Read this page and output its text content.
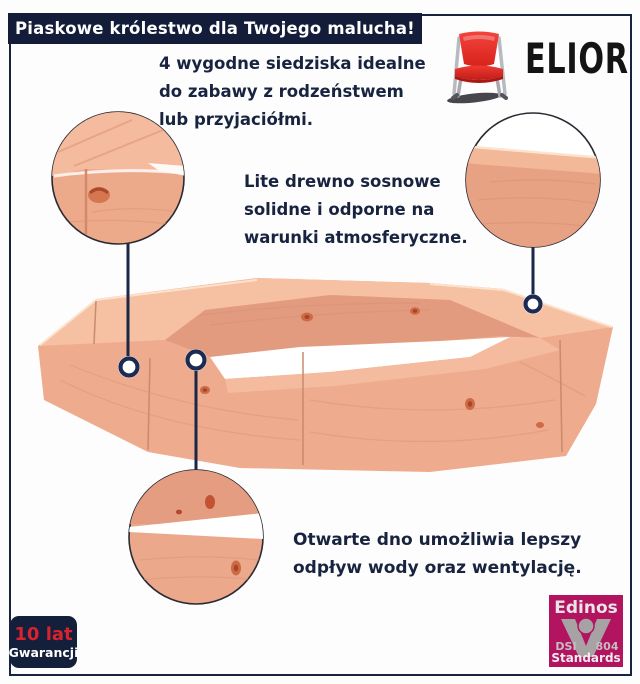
Piaskowe królestwo dla Twojego malucha!
4 wygodne siedziska idealne
do zabawy z rodzeństwem
lub przyjaciółmi.
Lite drewno sosnowe
solidne i odporne na
warunki atmosferyczne.
Otwarte dno umożliwia lepszy
odpływ wody oraz wentylację.
ELIOR
10 lat
Gwarancji
Edinos
DSI 804
Standards
